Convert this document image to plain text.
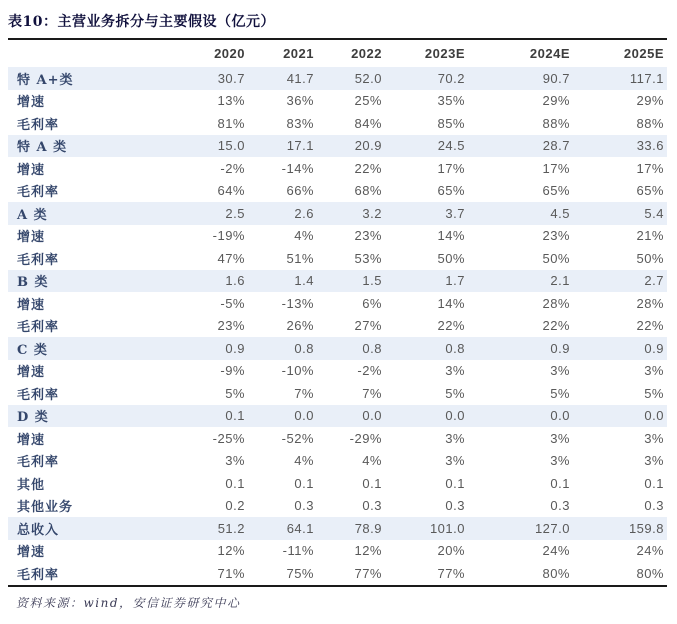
表10：主营业务拆分与主要假设（亿元）
	2020	2021	2022	2023E	2024E	2025E
特 A+类	30.7	41.7	52.0	70.2	90.7	117.1
增速	13%	36%	25%	35%	29%	29%
毛利率	81%	83%	84%	85%	88%	88%
特 A 类	15.0	17.1	20.9	24.5	28.7	33.6
增速	-2%	-14%	22%	17%	17%	17%
毛利率	64%	66%	68%	65%	65%	65%
A 类	2.5	2.6	3.2	3.7	4.5	5.4
增速	-19%	4%	23%	14%	23%	21%
毛利率	47%	51%	53%	50%	50%	50%
B 类	1.6	1.4	1.5	1.7	2.1	2.7
增速	-5%	-13%	6%	14%	28%	28%
毛利率	23%	26%	27%	22%	22%	22%
C 类	0.9	0.8	0.8	0.8	0.9	0.9
增速	-9%	-10%	-2%	3%	3%	3%
毛利率	5%	7%	7%	5%	5%	5%
D 类	0.1	0.0	0.0	0.0	0.0	0.0
增速	-25%	-52%	-29%	3%	3%	3%
毛利率	3%	4%	4%	3%	3%	3%
其他	0.1	0.1	0.1	0.1	0.1	0.1
其他业务	0.2	0.3	0.3	0.3	0.3	0.3
总收入	51.2	64.1	78.9	101.0	127.0	159.8
增速	12%	-11%	12%	20%	24%	24%
毛利率	71%	75%	77%	77%	80%	80%
资料来源：wind，安信证券研究中心
